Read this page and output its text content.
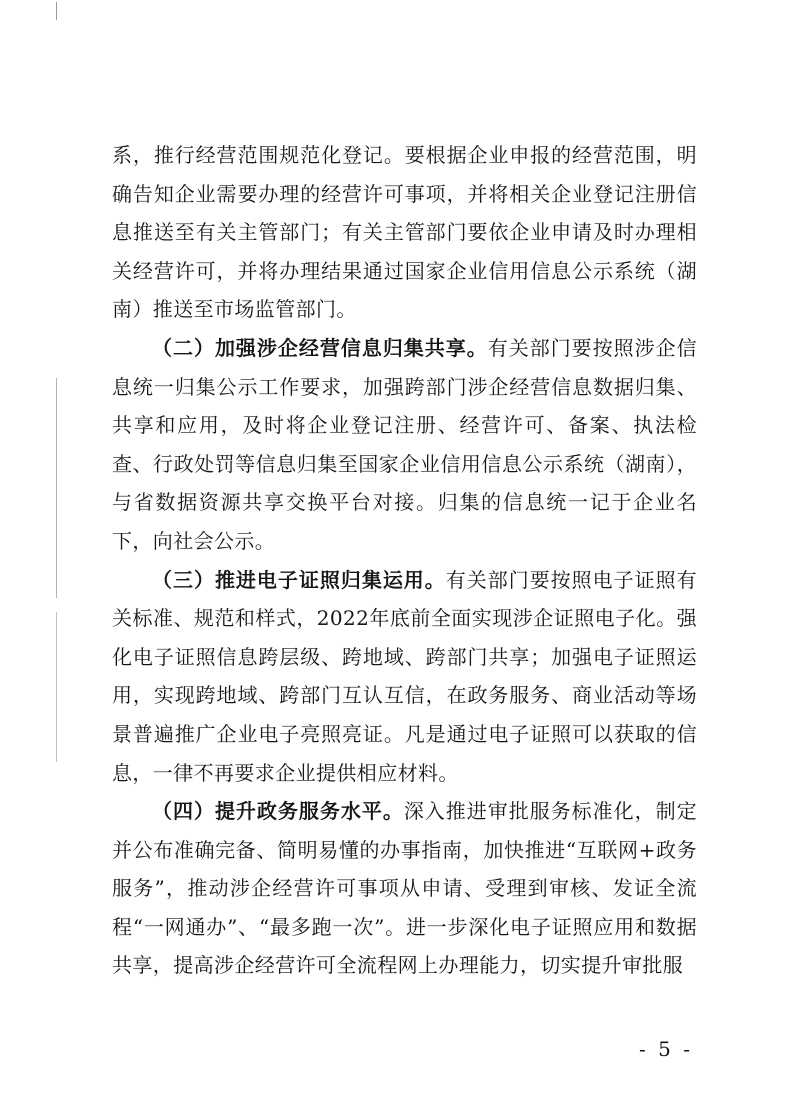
系，推行经营范围规范化登记。要根据企业申报的经营范围，明确告知企业需要办理的经营许可事项，并将相关企业登记注册信息推送至有关主管部门；有关主管部门要依企业申请及时办理相关经营许可，并将办理结果通过国家企业信用信息公示系统（湖南）推送至市场监管部门。

（二）加强涉企经营信息归集共享。有关部门要按照涉企信息统一归集公示工作要求，加强跨部门涉企经营信息数据归集、共享和应用，及时将企业登记注册、经营许可、备案、执法检查、行政处罚等信息归集至国家企业信用信息公示系统（湖南），与省数据资源共享交换平台对接。归集的信息统一记于企业名下，向社会公示。

（三）推进电子证照归集运用。有关部门要按照电子证照有关标准、规范和样式，2022年底前全面实现涉企证照电子化。强化电子证照信息跨层级、跨地域、跨部门共享；加强电子证照运用，实现跨地域、跨部门互认互信，在政务服务、商业活动等场景普遍推广企业电子亮照亮证。凡是通过电子证照可以获取的信息，一律不再要求企业提供相应材料。

（四）提升政务服务水平。深入推进审批服务标准化，制定并公布准确完备、简明易懂的办事指南，加快推进“互联网+政务服务”，推动涉企经营许可事项从申请、受理到审核、发证全流程“一网通办”、“最多跑一次”。进一步深化电子证照应用和数据共享，提高涉企经营许可全流程网上办理能力，切实提升审批服

- 5 -
